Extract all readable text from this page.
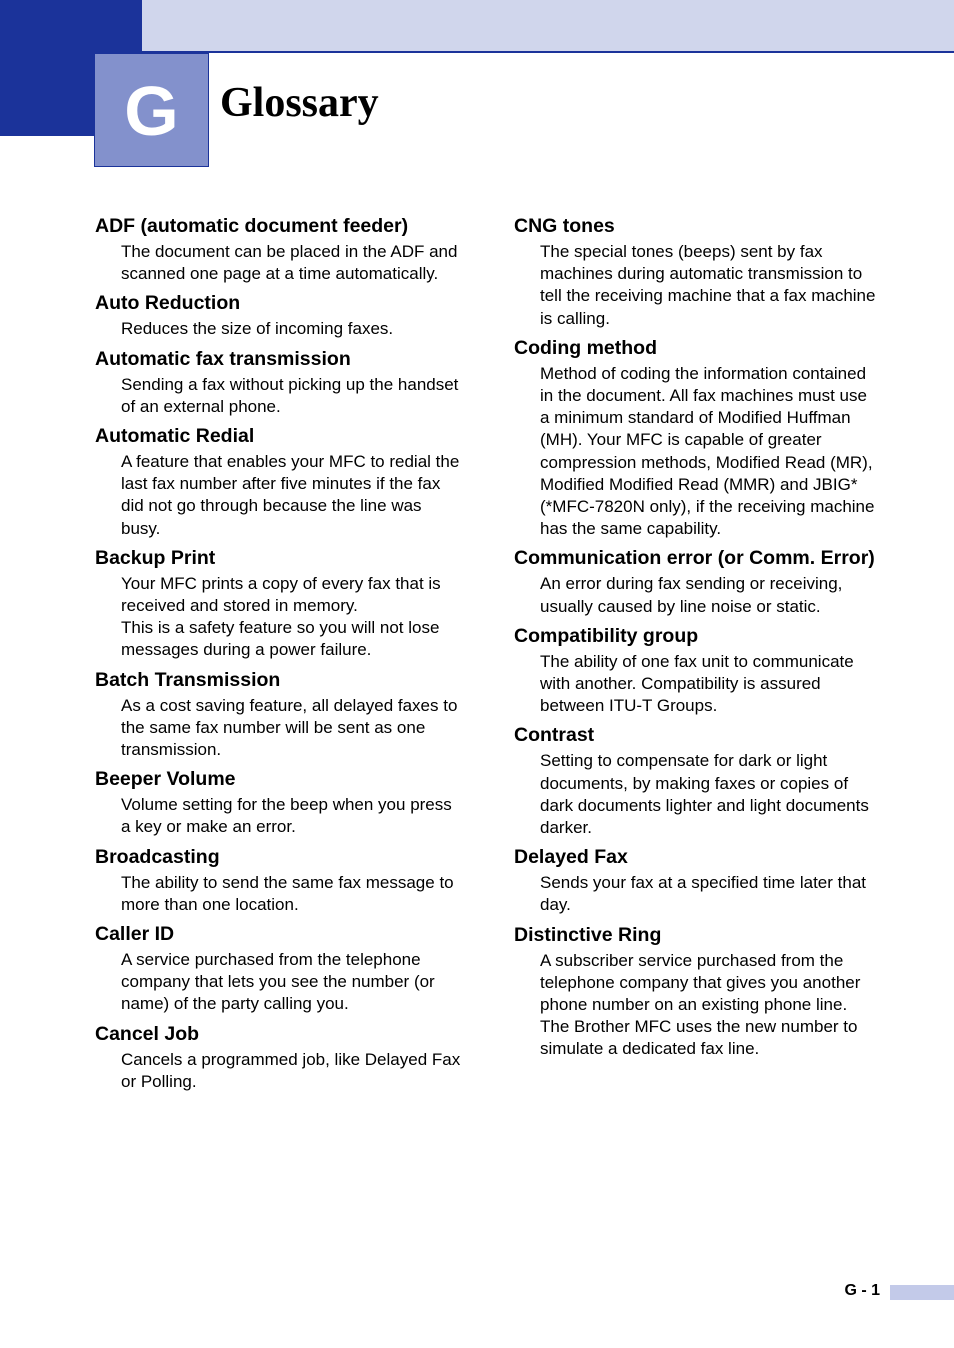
G Glossary
ADF (automatic document feeder)
The document can be placed in the ADF and scanned one page at a time automatically.
Auto Reduction
Reduces the size of incoming faxes.
Automatic fax transmission
Sending a fax without picking up the handset of an external phone.
Automatic Redial
A feature that enables your MFC to redial the last fax number after five minutes if the fax did not go through because the line was busy.
Backup Print
Your MFC prints a copy of every fax that is received and stored in memory.
This is a safety feature so you will not lose messages during a power failure.
Batch Transmission
As a cost saving feature, all delayed faxes to the same fax number will be sent as one transmission.
Beeper Volume
Volume setting for the beep when you press a key or make an error.
Broadcasting
The ability to send the same fax message to more than one location.
Caller ID
A service purchased from the telephone company that lets you see the number (or name) of the party calling you.
Cancel Job
Cancels a programmed job, like Delayed Fax or Polling.
CNG tones
The special tones (beeps) sent by fax machines during automatic transmission to tell the receiving machine that a fax machine is calling.
Coding method
Method of coding the information contained in the document. All fax machines must use a minimum standard of Modified Huffman (MH). Your MFC is capable of greater compression methods, Modified Read (MR), Modified Modified Read (MMR) and JBIG* (*MFC-7820N only), if the receiving machine has the same capability.
Communication error (or Comm. Error)
An error during fax sending or receiving, usually caused by line noise or static.
Compatibility group
The ability of one fax unit to communicate with another. Compatibility is assured between ITU-T Groups.
Contrast
Setting to compensate for dark or light documents, by making faxes or copies of dark documents lighter and light documents darker.
Delayed Fax
Sends your fax at a specified time later that day.
Distinctive Ring
A subscriber service purchased from the telephone company that gives you another phone number on an existing phone line. The Brother MFC uses the new number to simulate a dedicated fax line.
G - 1
